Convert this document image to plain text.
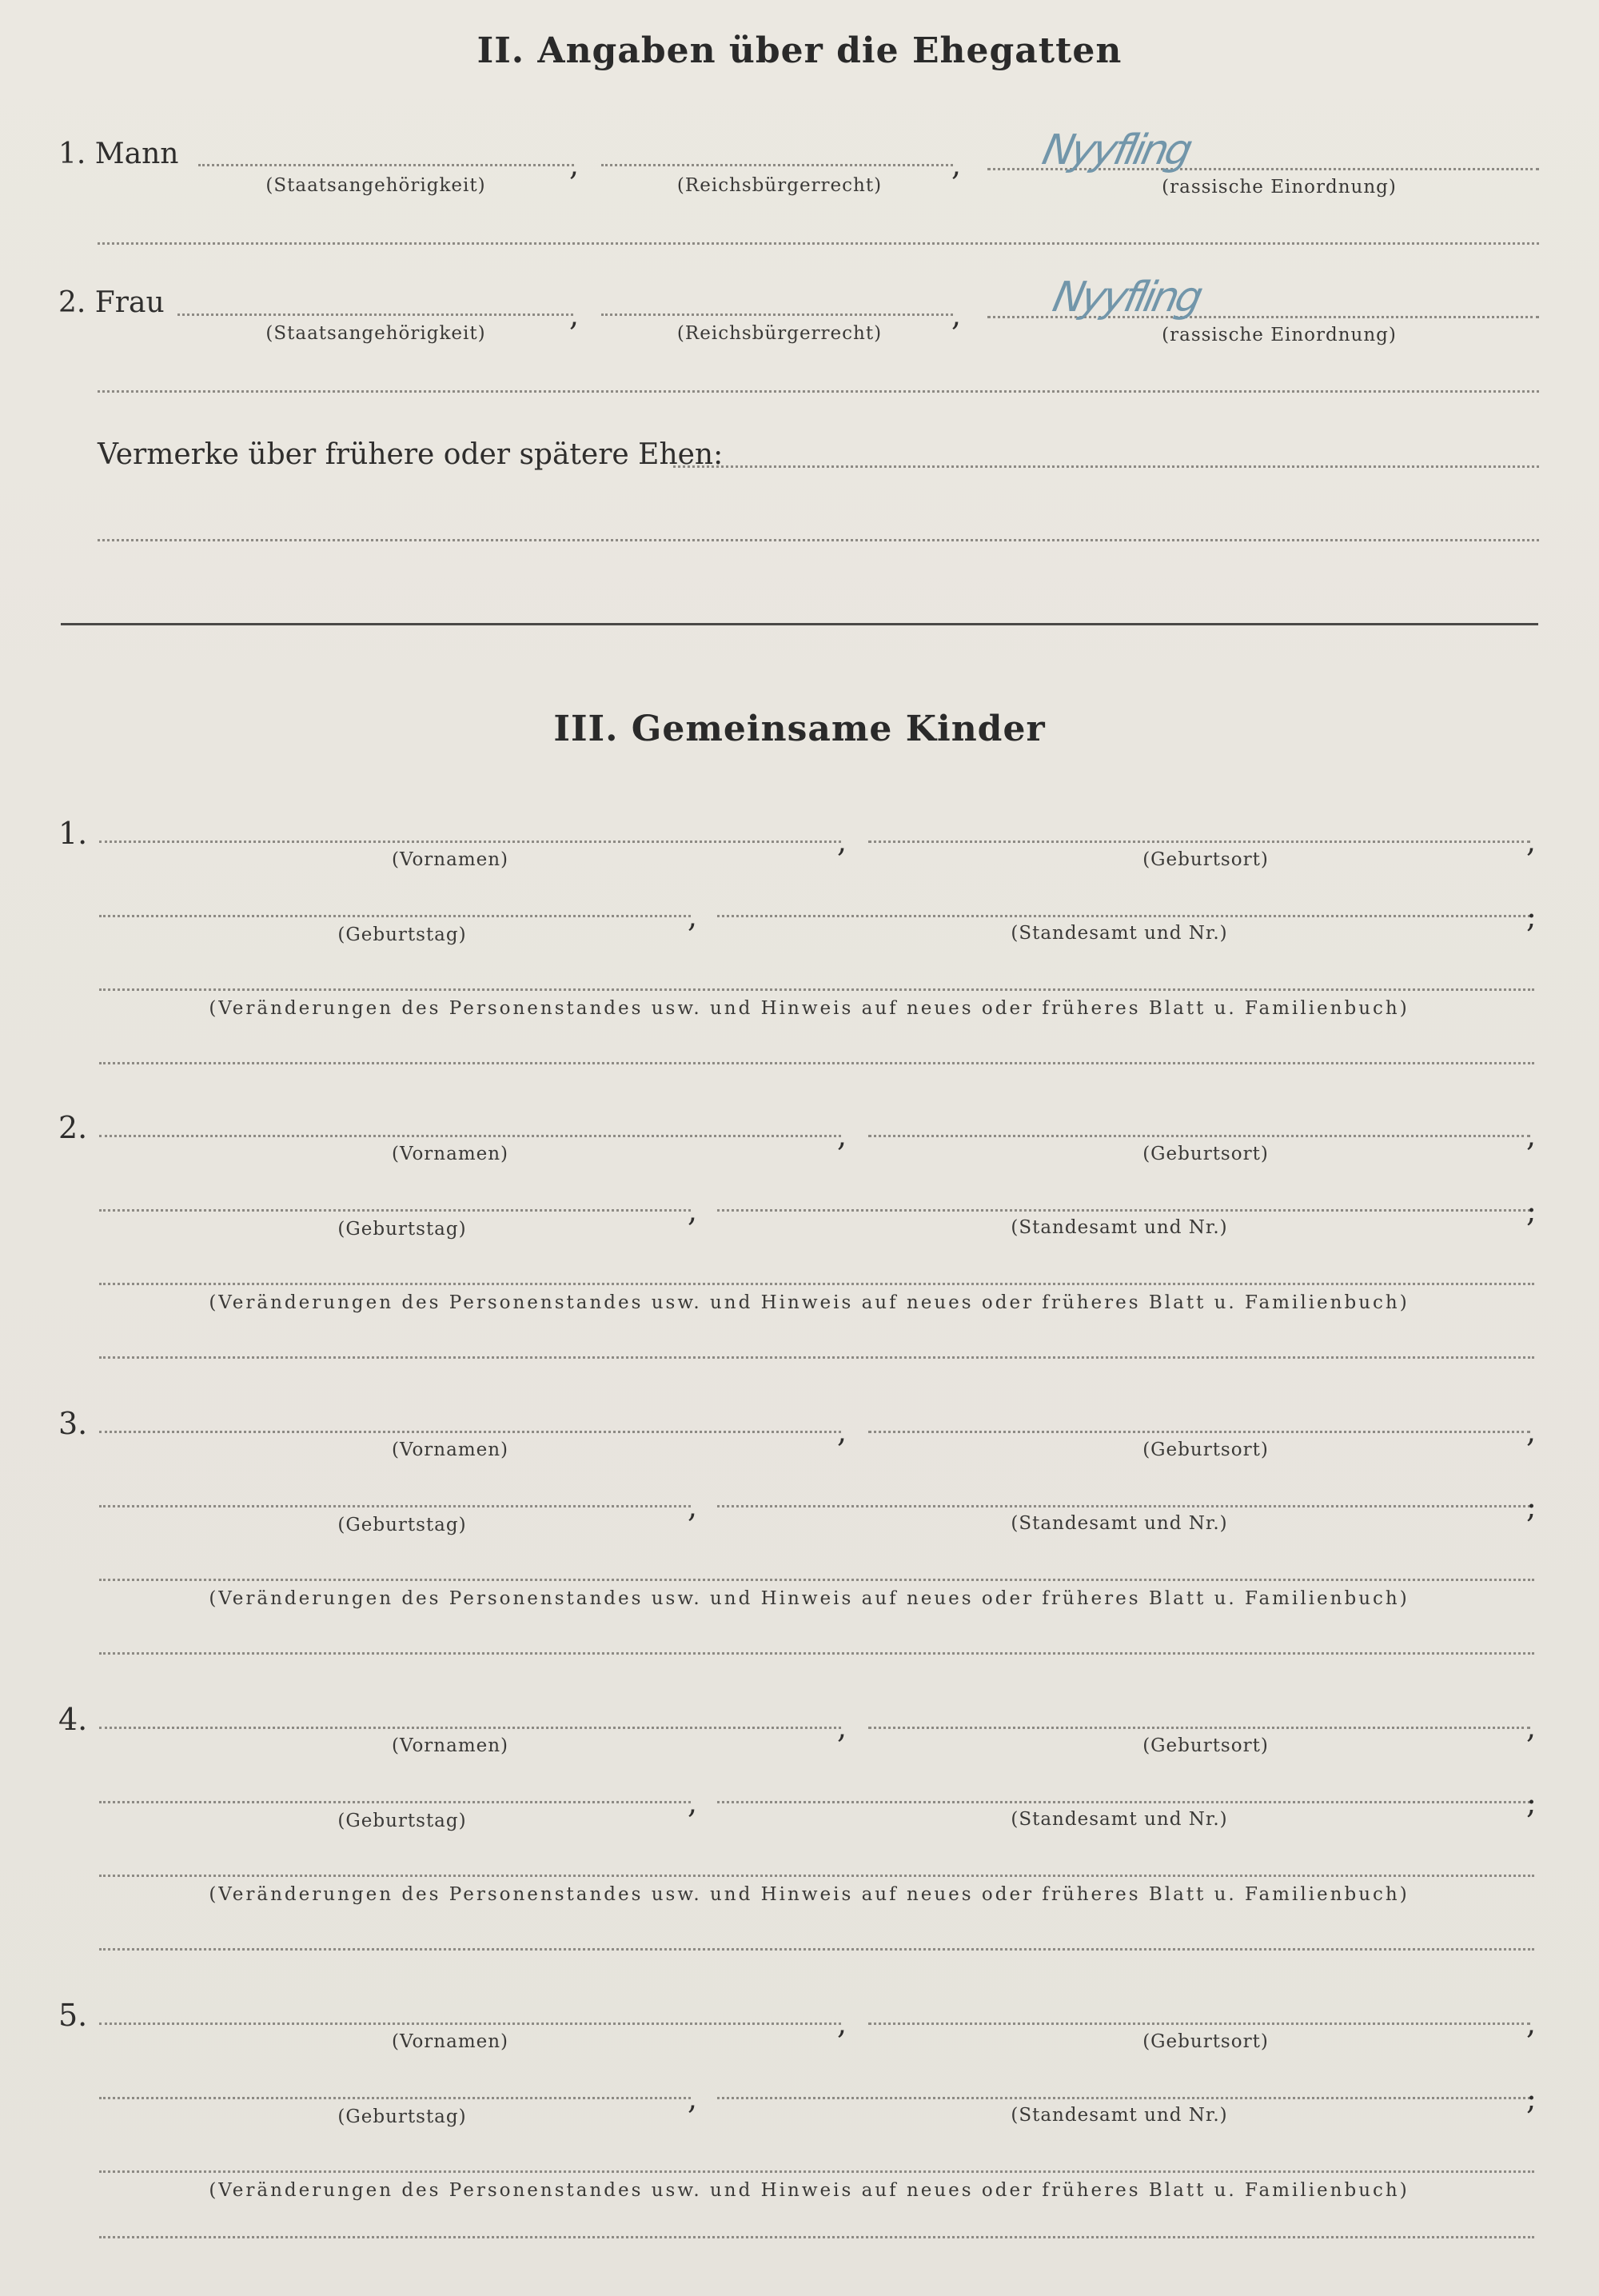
II. Angaben über die Ehegatten
1. Mann	,	, Nyyfling
(Staatsangehörigkeit)	(Reichsbürgerrecht)	(rassische Einordnung)
2. Frau	,	, Nyyfling
(Staatsangehörigkeit)	(Reichsbürgerrecht)	(rassische Einordnung)
Vermerke über frühere oder spätere Ehen:
III. Gemeinsame Kinder
1.	,	,
(Vornamen)	(Geburtsort)
,	;
(Geburtstag)	(Standesamt und Nr.)
(Veränderungen des Personenstandes usw. und Hinweis auf neues oder früheres Blatt u. Familienbuch)
2.	,	,
(Vornamen)	(Geburtsort)
,	;
(Geburtstag)	(Standesamt und Nr.)
(Veränderungen des Personenstandes usw. und Hinweis auf neues oder früheres Blatt u. Familienbuch)
3.	,	,
(Vornamen)	(Geburtsort)
,	;
(Geburtstag)	(Standesamt und Nr.)
(Veränderungen des Personenstandes usw. und Hinweis auf neues oder früheres Blatt u. Familienbuch)
4.	,	,
(Vornamen)	(Geburtsort)
,	;
(Geburtstag)	(Standesamt und Nr.)
(Veränderungen des Personenstandes usw. und Hinweis auf neues oder früheres Blatt u. Familienbuch)
5.	,	,
(Vornamen)	(Geburtsort)
,	;
(Geburtstag)	(Standesamt und Nr.)
(Veränderungen des Personenstandes usw. und Hinweis auf neues oder früheres Blatt u. Familienbuch)
